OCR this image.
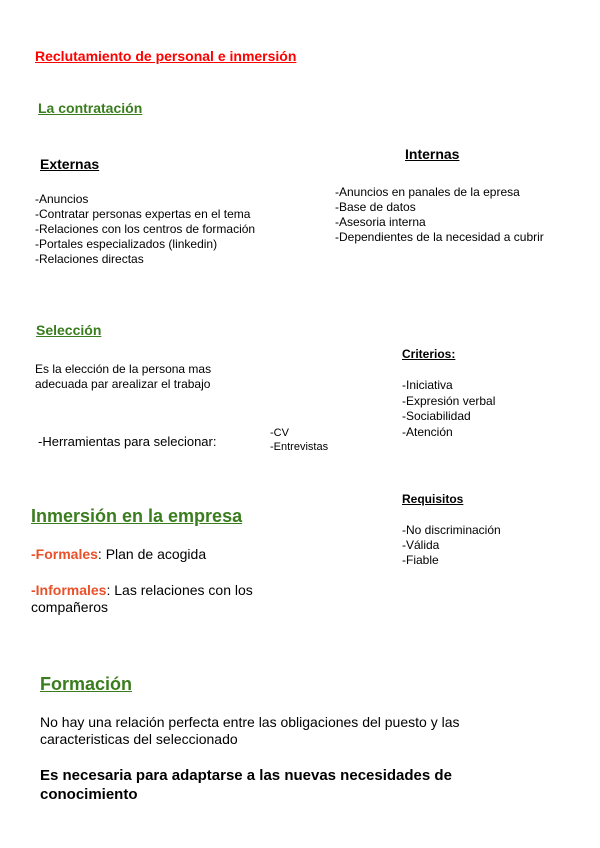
Reclutamiento de personal e inmersión
La contratación
Externas
-Anuncios
-Contratar personas expertas en el tema
-Relaciones con los centros de formación
-Portales especializados (linkedin)
-Relaciones directas
Internas
-Anuncios en panales de la epresa
-Base de datos
-Asesoria interna
-Dependientes de la necesidad a cubrir
Selección
Es la elección de la persona mas
adecuada par arealizar el trabajo
-Herramientas para selecionar:
-CV
-Entrevistas
Criterios:
-Iniciativa
-Expresión verbal
-Sociabilidad
-Atención
Requisitos
-No discriminación
-Válida
-Fiable
Inmersión en la empresa
-Formales: Plan de acogida
-Informales: Las relaciones con los
compañeros
Formación
No hay una relación perfecta entre las obligaciones del puesto y las
caracteristicas del seleccionado
Es necesaria para adaptarse a las nuevas necesidades de
conocimiento
